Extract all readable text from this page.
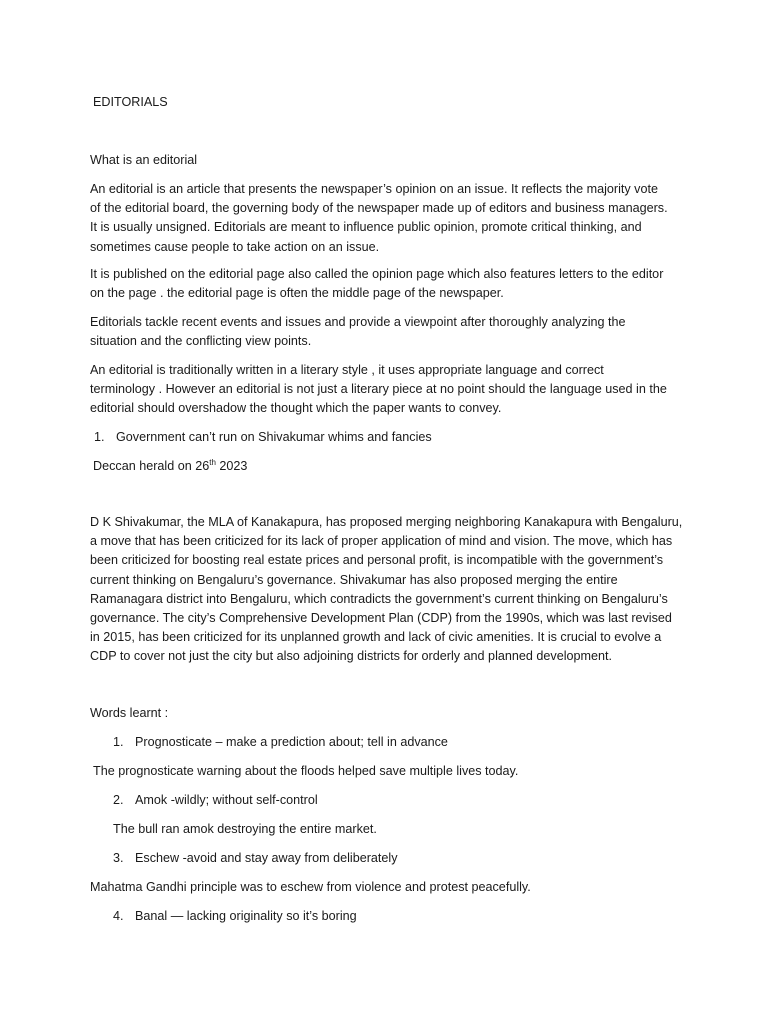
EDITORIALS
What is an editorial
An editorial is an article that presents the newspaper’s opinion on an issue. It reflects the majority vote
of the editorial board, the governing body of the newspaper made up of editors and business managers.
It is usually unsigned. Editorials are meant to influence public opinion, promote critical thinking, and
sometimes cause people to take action on an issue.
It is published on the editorial page also called the opinion page which also features letters to the editor
on the page . the editorial page is often the middle page of the newspaper.
Editorials tackle recent events and issues and provide a viewpoint after thoroughly analyzing the
situation and the conflicting view points.
An editorial is traditionally written in a literary style , it uses appropriate language and correct
terminology . However an editorial is not just a literary piece at no point should the language used in the
editorial should overshadow the thought which the paper wants to convey.
1. Government can’t run on Shivakumar whims and fancies
Deccan herald on 26th 2023
D K Shivakumar, the MLA of Kanakapura, has proposed merging neighboring Kanakapura with Bengaluru,
a move that has been criticized for its lack of proper application of mind and vision. The move, which has
been criticized for boosting real estate prices and personal profit, is incompatible with the government’s
current thinking on Bengaluru’s governance. Shivakumar has also proposed merging the entire
Ramanagara district into Bengaluru, which contradicts the government’s current thinking on Bengaluru’s
governance. The city’s Comprehensive Development Plan (CDP) from the 1990s, which was last revised
in 2015, has been criticized for its unplanned growth and lack of civic amenities. It is crucial to evolve a
CDP to cover not just the city but also adjoining districts for orderly and planned development.
Words learnt :
1. Prognosticate – make a prediction about; tell in advance
The prognosticate warning about the floods helped save multiple lives today.
2. Amok -wildly; without self-control
The bull ran amok destroying the entire market.
3. Eschew -avoid and stay away from deliberately
Mahatma Gandhi principle was to eschew from violence and protest peacefully.
4. Banal — lacking originality so it’s boring
